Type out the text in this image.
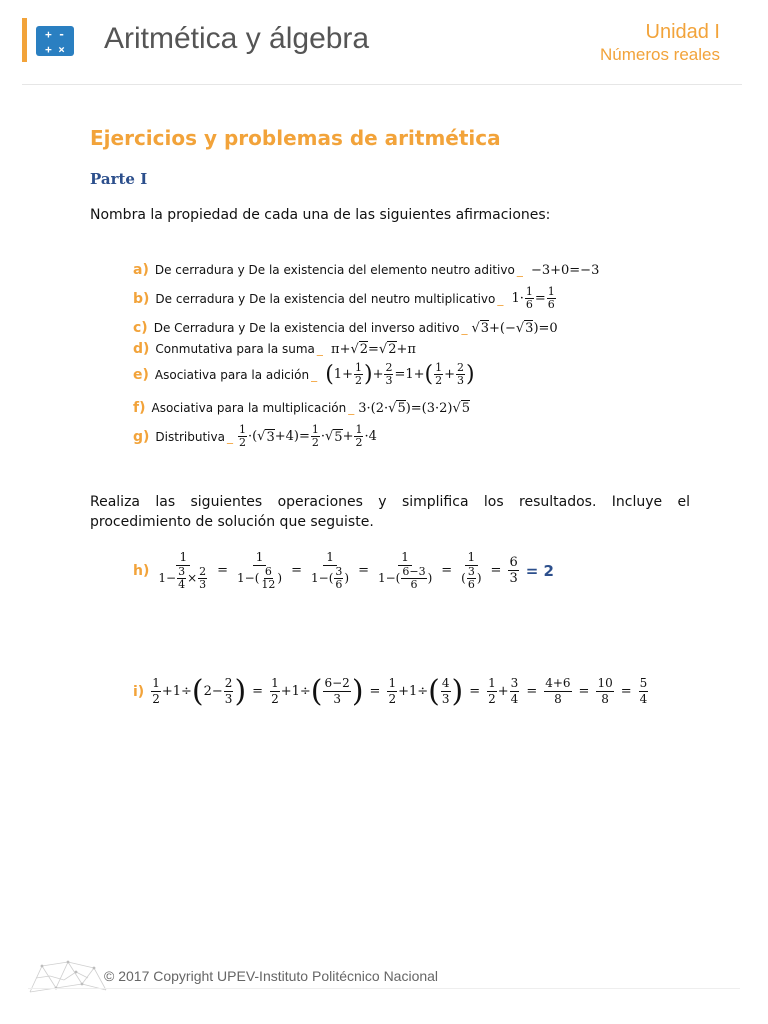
+ -
+ ×	Aritmética y álgebra	Unidad I
Números reales
Ejercicios y problemas de aritmética
Parte I
Nombra la propiedad de cada una de las siguientes afirmaciones:
a) De cerradura y De la existencia del elemento neutro aditivo _ −3+0=−3
b) De cerradura y De la existencia del neutro multiplicativo _ $1\cdot \frac{1}{6} = \frac{1}{6}$
c) De Cerradura y De la existencia del inverso aditivo _ √ 3 +(−√ 3 )=0
d) Conmutativa para la suma _ π+√ 2 =√ 2 +π
e) Asociativa para la adición _
( $1+ \frac{1}{2}$ ) + $\frac{2}{3} =1+$ ( $\frac{1}{2} + \frac{2}{3}$ )
f) Asociativa para la multiplicación _ 3·(2·√ 5 )=(3·2)√ 5
g) Distributiva _ $\frac{1}{2}$ ·(√ $3 +4)= \frac{1}{2}$ ·√ $5 + \frac{1}{2} \cdot 4$
Realiza las siguientes operaciones y simplifica los resultados. Incluye el procedimiento de solución que seguiste.
$h) \frac{1}{1- \frac{3}{4} \times \frac{2}{3}} = \frac{1}{1-( \frac{6}{12} )} = \frac{1}{1-( \frac{3}{6} )} = \frac{1}{1-( \frac{6-3}{6} )} = \frac{1}{( \frac{3}{6} )} = \frac{6}{3} = 2$
$i) \frac{1}{2} +1\div$ ( $2- \frac{2}{3}$ ) = $\frac{1}{2} +1\div$ ( $\frac{6-2}{3}$ ) = $\frac{1}{2} +1\div$ ( $\frac{4}{3}$ ) = $\frac{1}{2} + \frac{3}{4} = \frac{4+6}{8} = \frac{10}{8} = \frac{5}{4}$
© 2017 Copyright UPEV-Instituto Politécnico Nacional
